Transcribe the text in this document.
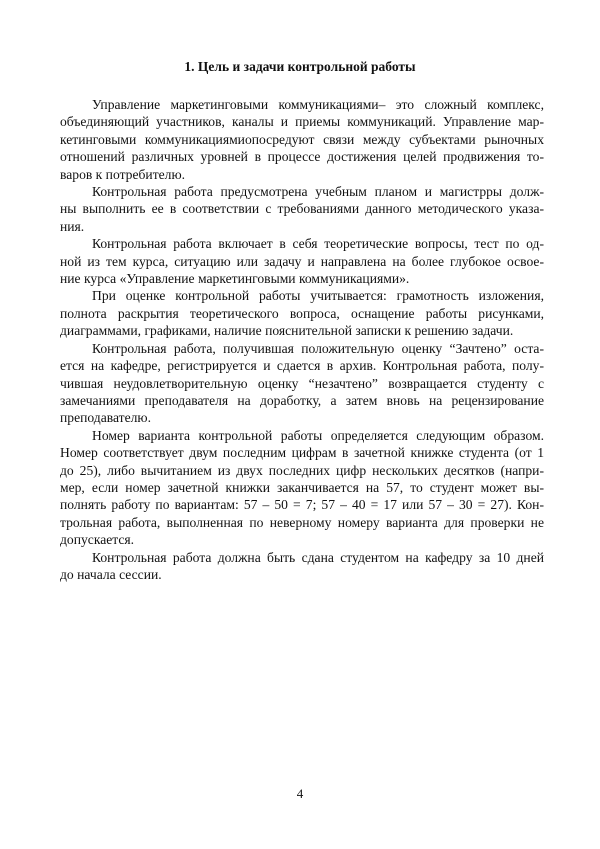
1. Цель и задачи контрольной работы

Управление маркетинговыми коммуникациями– это сложный комплекс,
объединяющий участников, каналы и приемы коммуникаций. Управление мар-
кетинговыми коммуникациямиопосредуют связи между субъектами рыночных
отношений различных уровней в процессе достижения целей продвижения то-
варов к потребителю.

Контрольная работа предусмотрена учебным планом и магистрры долж-
ны выполнить ее в соответствии с требованиями данного методического указа-
ния.

Контрольная работа включает в себя теоретические вопросы, тест по од-
ной из тем курса, ситуацию или задачу и направлена на более глубокое освое-
ние курса «Управление маркетинговыми коммуникациями».

При оценке контрольной работы учитывается: грамотность изложения,
полнота раскрытия теоретического вопроса, оснащение работы рисунками,
диаграммами, графиками, наличие пояснительной записки к решению задачи.

Контрольная работа, получившая положительную оценку “Зачтено” оста-
ется на кафедре, регистрируется и сдается в архив. Контрольная работа, полу-
чившая неудовлетворительную оценку “незачтено” возвращается студенту с
замечаниями преподавателя на доработку, а затем вновь на рецензирование
преподавателю.

Номер варианта контрольной работы определяется следующим образом.
Номер соответствует двум последним цифрам в зачетной книжке студента (от 1
до 25), либо вычитанием из двух последних цифр нескольких десятков (напри-
мер, если номер зачетной книжки заканчивается на 57, то студент может вы-
полнять работу по вариантам: 57 – 50 = 7; 57 – 40 = 17 или 57 – 30 = 27). Кон-
трольная работа, выполненная по неверному номеру варианта для проверки не
допускается.

Контрольная работа должна быть сдана студентом на кафедру за 10 дней
до начала сессии.

4
